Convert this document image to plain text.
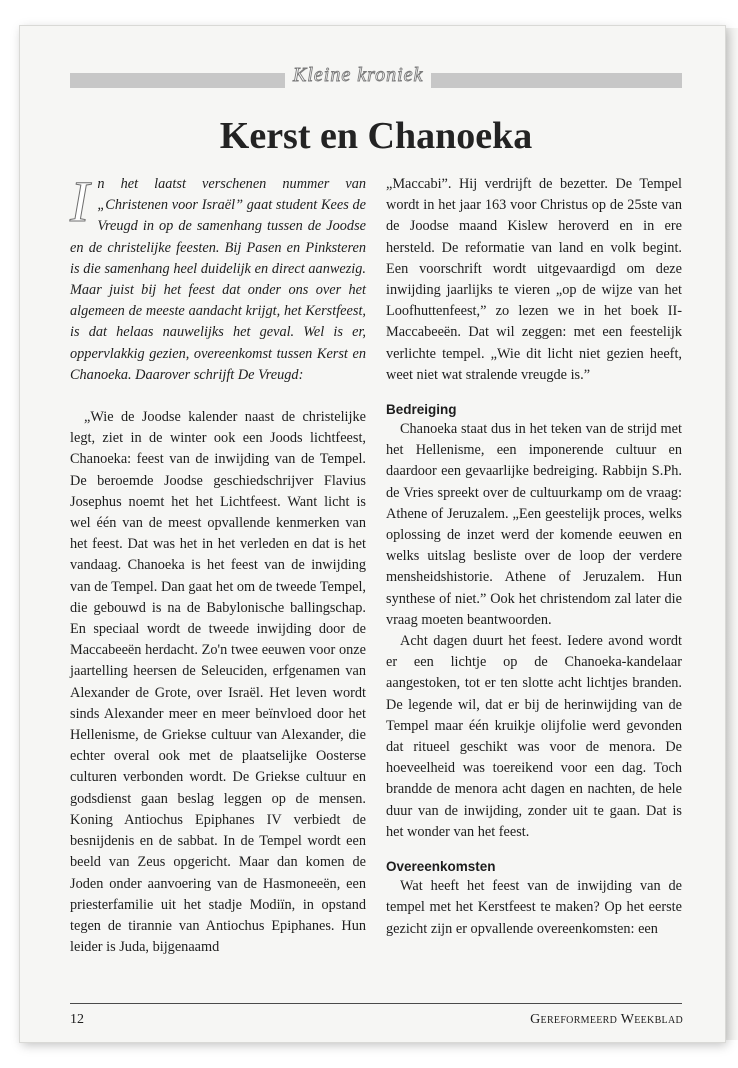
Kleine kroniek
Kerst en Chanoeka

In het laatst verschenen nummer van „Christenen voor Israël” gaat student Kees de Vreugd in op de samenhang tussen de Joodse en de christelijke feesten. Bij Pasen en Pinksteren is die samenhang heel duidelijk en direct aanwezig. Maar juist bij het feest dat onder ons over het algemeen de meeste aandacht krijgt, het Kerstfeest, is dat helaas nauwelijks het geval. Wel is er, oppervlakkig gezien, overeenkomst tussen Kerst en Chanoeka. Daarover schrijft De Vreugd:

„Wie de Joodse kalender naast de christelijke legt, ziet in de winter ook een Joods lichtfeest, Chanoeka: feest van de inwijding van de Tempel. De beroemde Joodse geschiedschrijver Flavius Josephus noemt het het Lichtfeest. Want licht is wel één van de meest opvallende kenmerken van het feest. Dat was het in het verleden en dat is het vandaag. Chanoeka is het feest van de inwijding van de Tempel. Dan gaat het om de tweede Tempel, die gebouwd is na de Babylonische ballingschap. En speciaal wordt de tweede inwijding door de Maccabeeën herdacht. Zo'n twee eeuwen voor onze jaartelling heersen de Seleuciden, erfgenamen van Alexander de Grote, over Israël. Het leven wordt sinds Alexander meer en meer beïnvloed door het Hellenisme, de Griekse cultuur van Alexander, die echter overal ook met de plaatselijke Oosterse culturen verbonden wordt. De Griekse cultuur en godsdienst gaan beslag leggen op de mensen. Koning Antiochus Epiphanes IV verbiedt de besnijdenis en de sabbat. In de Tempel wordt een beeld van Zeus opgericht. Maar dan komen de Joden onder aanvoering van de Hasmoneeën, een priesterfamilie uit het stadje Modiïn, in opstand tegen de tirannie van Antiochus Epiphanes. Hun leider is Juda, bijgenaamd

„Maccabi”. Hij verdrijft de bezetter. De Tempel wordt in het jaar 163 voor Christus op de 25ste van de Joodse maand Kislew heroverd en in ere hersteld. De reformatie van land en volk begint. Een voorschrift wordt uitgevaardigd om deze inwijding jaarlijks te vieren „op de wijze van het Loofhuttenfeest,” zo lezen we in het boek II-Maccabeeën. Dat wil zeggen: met een feestelijk verlichte tempel. „Wie dit licht niet gezien heeft, weet niet wat stralende vreugde is.”

Bedreiging

Chanoeka staat dus in het teken van de strijd met het Hellenisme, een imponerende cultuur en daardoor een gevaarlijke bedreiging. Rabbijn S.Ph. de Vries spreekt over de cultuurkamp om de vraag: Athene of Jeruzalem. „Een geestelijk proces, welks oplossing de inzet werd der komende eeuwen en welks uitslag besliste over de loop der verdere mensheidshistorie. Athene of Jeruzalem. Hun synthese of niet.” Ook het christendom zal later die vraag moeten beantwoorden.

Acht dagen duurt het feest. Iedere avond wordt er een lichtje op de Chanoeka-kandelaar aangestoken, tot er ten slotte acht lichtjes branden. De legende wil, dat er bij de herinwijding van de Tempel maar één kruikje olijfolie werd gevonden dat ritueel geschikt was voor de menora. De hoeveelheid was toereikend voor een dag. Toch brandde de menora acht dagen en nachten, de hele duur van de inwijding, zonder uit te gaan. Dat is het wonder van het feest.

Overeenkomsten

Wat heeft het feest van de inwijding van de tempel met het Kerstfeest te maken? Op het eerste gezicht zijn er opvallende overeenkomsten: een

12	Gereformeerd Weekblad
